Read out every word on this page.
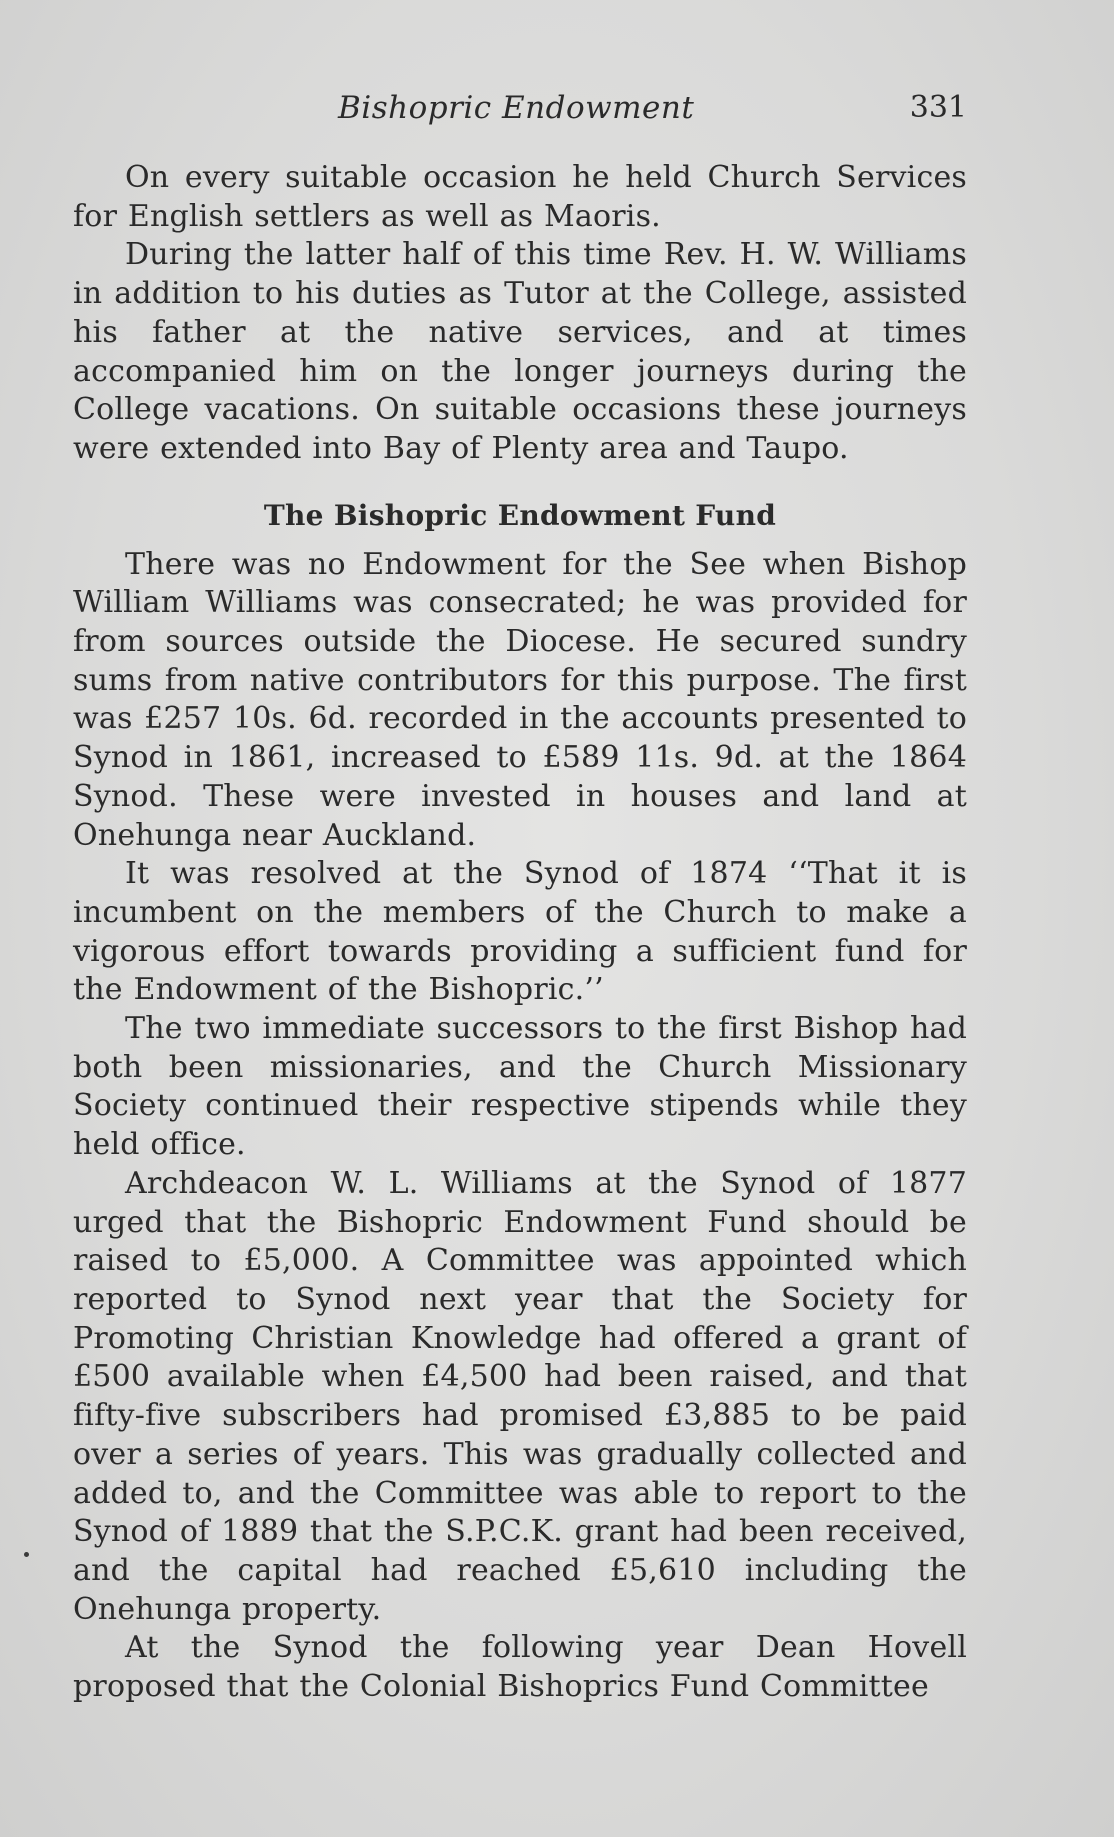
Bishopric Endowment	331

On every suitable occasion he held Church Services for English settlers as well as Maoris.

During the latter half of this time Rev. H. W. Williams in addition to his duties as Tutor at the College, assisted his father at the native services, and at times accompanied him on the longer journeys during the College vacations. On suitable occasions these journeys were extended into Bay of Plenty area and Taupo.

The Bishopric Endowment Fund

There was no Endowment for the See when Bishop William Williams was consecrated; he was provided for from sources outside the Diocese. He secured sundry sums from native contributors for this purpose. The first was £257 10s. 6d. recorded in the accounts presented to Synod in 1861, increased to £589 11s. 9d. at the 1864 Synod. These were invested in houses and land at Onehunga near Auckland.

It was resolved at the Synod of 1874 ‘‘That it is incumbent on the members of the Church to make a vigorous effort towards providing a sufficient fund for the Endowment of the Bishopric.’’

The two immediate successors to the first Bishop had both been missionaries, and the Church Missionary Society continued their respective stipends while they held office.

Archdeacon W. L. Williams at the Synod of 1877 urged that the Bishopric Endowment Fund should be raised to £5,000. A Committee was appointed which reported to Synod next year that the Society for Promoting Christian Knowledge had offered a grant of £500 available when £4,500 had been raised, and that fifty-five subscribers had promised £3,885 to be paid over a series of years. This was gradually collected and added to, and the Committee was able to report to the Synod of 1889 that the S.P.C.K. grant had been received, and the capital had reached £5,610 including the Onehunga property.

At the Synod the following year Dean Hovell proposed that the Colonial Bishoprics Fund Committee
